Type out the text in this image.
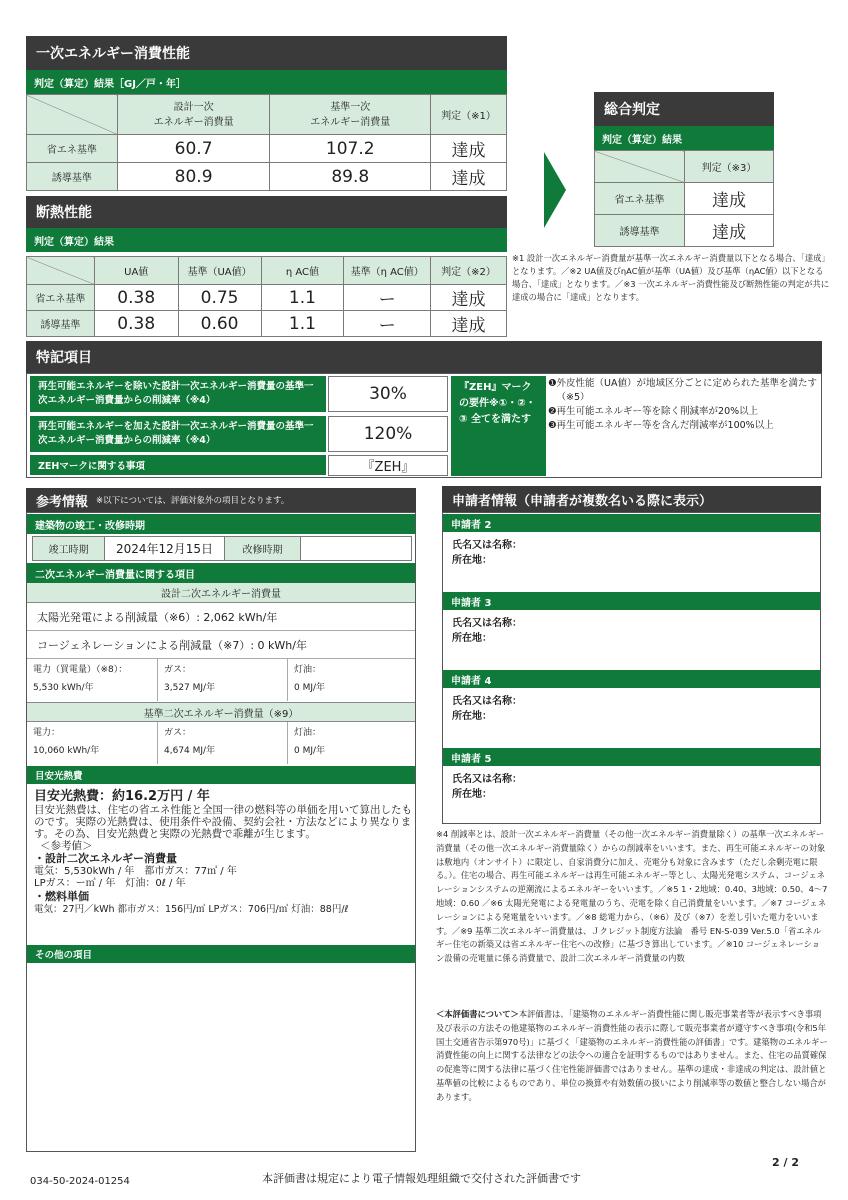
一次エネルギー消費性能
判定（算定）結果［GJ／戸・年］
	設計一次
エネルギー消費量	基準一次
エネルギー消費量	判定（※1）
省エネ基準	60.7	107.2	達成
誘導基準	80.9	89.8	達成
断熱性能
判定（算定）結果
	UA値	基準（UA値）	η AC値	基準（η AC値）	判定（※2）
省エネ基準	0.38	0.75	1.1	ー	達成
誘導基準	0.38	0.60	1.1	ー	達成
総合判定
判定（算定）結果
	判定（※3）
省エネ基準	達成
誘導基準	達成
※1 設計一次エネルギー消費量が基準一次エネルギー消費量以下となる場合、「達成」となります。／※2 UA値及びηAC値が基準（UA値）及び基準（ηAC値）以下となる場合、「達成」となります。／※3 一次エネルギー消費性能及び断熱性能の判定が共に達成の場合に「達成」となります。
特記項目
再生可能エネルギーを除いた設計一次エネルギー消費量の基準一次エネルギー消費量からの削減率（※4）	30%
再生可能エネルギーを加えた設計一次エネルギー消費量の基準一次エネルギー消費量からの削減率（※4）	120%
ZEHマークに関する事項	『ZEH』
『ZEH』マークの要件※①・②・③ 全てを満たす
❶ 外皮性能（UA値）が地域区分ごとに定められた基準を満たす（※5）
❷ 再生可能エネルギー等を除く削減率が20%以上
❸ 再生可能エネルギー等を含んだ削減率が100%以上
参考情報 ※以下については、評価対象外の項目となります。
建築物の竣工・改修時期
竣工時期	2024年12月15日	改修時期	
二次エネルギー消費量に関する項目
設計二次エネルギー消費量
太陽光発電による削減量（※6）: 2,062 kWh/年
コージェネレーションによる削減量（※7）: 0 kWh/年
電力（買電量）（※8）：
5,530 kWh/年
ガス：
3,527 MJ/年
灯油：
0 MJ/年
基準二次エネルギー消費量（※9）
電力：
10,060 kWh/年
ガス：
4,674 MJ/年
灯油：
0 MJ/年
目安光熱費
目安光熱費：約16.2万円 / 年
目安光熱費は、住宅の省エネ性能と全国一律の燃料等の単価を用いて算出したものです。実際の光熱費は、使用条件や設備、契約会社・方法などにより異なります。その為、目安光熱費と実際の光熱費で乖離が生じます。
＜参考値＞
・設計二次エネルギー消費量
電気：5,530kWh / 年　都市ガス：77㎥ / 年
LPガス：ー㎥ / 年　灯油：0ℓ / 年
・燃料単価
電気：27円／kWh 都市ガス：156円/㎥ LPガス：706円/㎥ 灯油：88円/ℓ
その他の項目
申請者情報（申請者が複数名いる際に表示）
申請者 2
氏名又は名称：
所在地：
申請者 3
氏名又は名称：
所在地：
申請者 4
氏名又は名称：
所在地：
申請者 5
氏名又は名称：
所在地：
※4 削減率とは、設計一次エネルギー消費量（その他一次エネルギー消費量除く）の基準一次エネルギー消費量（その他一次エネルギー消費量除く）からの削減率をいいます。また、再生可能エネルギーの対象は敷地内（オンサイト）に限定し、自家消費分に加え、売電分も対象に含みます（ただし余剰売電に限る。）。住宅の場合、再生可能エネルギーは再生可能エネルギー等とし、太陽光発電システム、コージェネレーションシステムの逆潮流によるエネルギーをいいます。／※5 1・2地域：0.40、3地域：0.50、4～7地域：0.60 ／※6 太陽光発電による発電量のうち、売電を除く自己消費量をいいます。／※7 コージェネレーションによる発電量をいいます。／※8 総電力から、（※6）及び（※7）を差し引いた電力をいいます。／※9 基準二次エネルギー消費量は、Ｊクレジット制度方法論　番号 EN-S-039 Ver.5.0「省エネルギー住宅の新築又は省エネルギー住宅への改修」に基づき算出しています。／※10 コージェネレーション設備の売電量に係る消費量で、設計二次エネルギー消費量の内数
＜本評価書について＞本評価書は、「建築物のエネルギー消費性能に関し販売事業者等が表示すべき事項及び表示の方法その他建築物のエネルギー消費性能の表示に際して販売事業者が遵守すべき事項(令和5年国土交通省告示第970号)」に基づく「建築物のエネルギー消費性能の評価書」です。建築物のエネルギー消費性能の向上に関する法律などの法令への適合を証明するものではありません。また、住宅の品質確保の促進等に関する法律に基づく住宅性能評価書ではありません。基準の達成・非達成の判定は、設計値と基準値の比較によるものであり、単位の換算や有効数値の扱いにより削減率等の数値と整合しない場合があります。
2 / 2
034-50-2024-01254	本評価書は規定により電子情報処理組織で交付された評価書です
